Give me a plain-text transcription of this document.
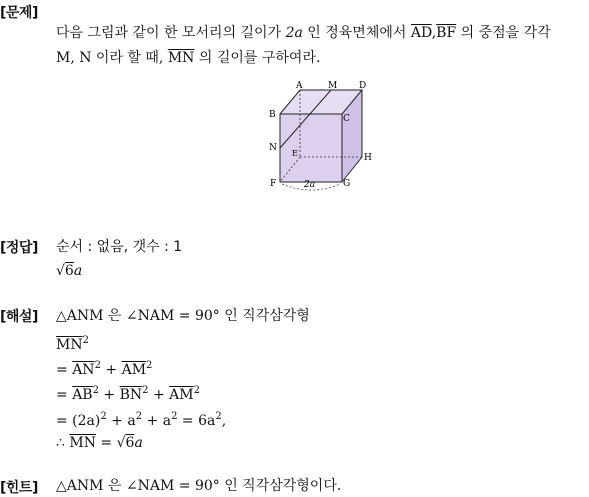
[문제]
다음 그림과 같이 한 모서리의 길이가 2a 인 정육면체에서 $\overline{AD},\overline{BF}$ 의 중점을 각각
M, N 이라 할 때, $\overline{MN}$ 의 길이를 구하여라.
A	M D
B	C
N
E	H
F	G
2a
[정답] 순서 : 없음, 갯수 : 1
√6a
[해설] △ANM 은 ∠NAM = 90° 인 직각삼각형
$\overline{MN}^2$
= $\overline{AN}^2 + \overline{AM}^2$
= $\overline{AB}^2 + \overline{BN}^2 + \overline{AM}^2$
= $(2a)^2 + a^2 + a^2 = 6a^2$,
∴ $\overline{MN} = √6a$
[힌트] △ANM 은 ∠NAM = 90° 인 직각삼각형이다.
